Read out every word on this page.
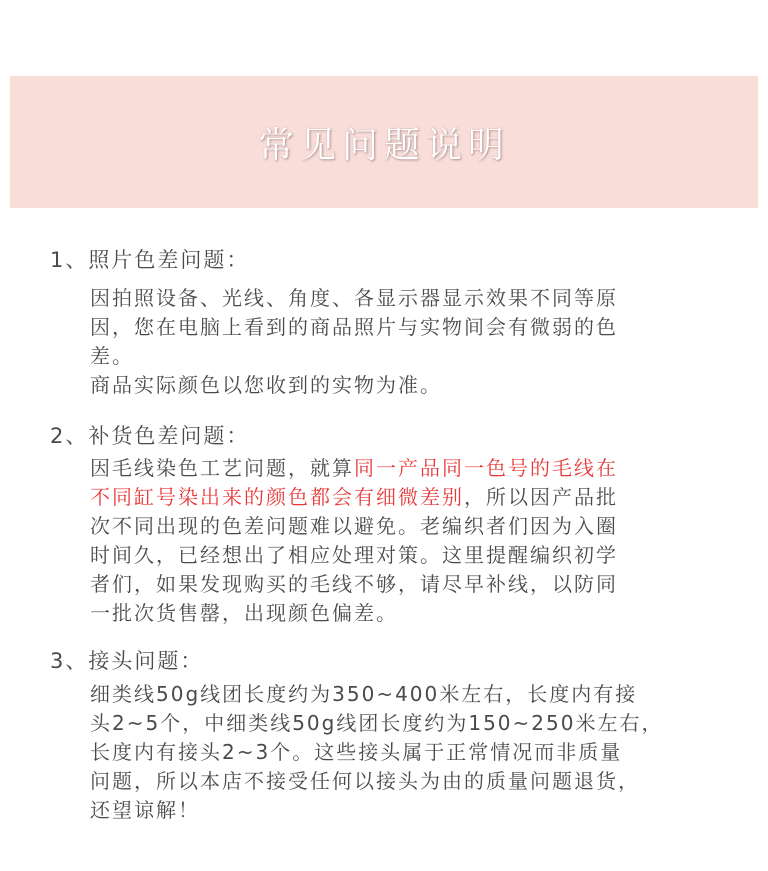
常见问题说明
1、照片色差问题：
因拍照设备、光线、角度、各显示器显示效果不同等原
因，您在电脑上看到的商品照片与实物间会有微弱的色
差。
商品实际颜色以您收到的实物为准。
2、补货色差问题：
因毛线染色工艺问题，就算同一产品同一色号的毛线在
不同缸号染出来的颜色都会有细微差别，所以因产品批
次不同出现的色差问题难以避免。老编织者们因为入圈
时间久，已经想出了相应处理对策。这里提醒编织初学
者们，如果发现购买的毛线不够，请尽早补线，以防同
一批次货售罄，出现颜色偏差。
3、接头问题：
细类线50g线团长度约为350~400米左右，长度内有接
头2~5个，中细类线50g线团长度约为150~250米左右，
长度内有接头2~3个。这些接头属于正常情况而非质量
问题，所以本店不接受任何以接头为由的质量问题退货，
还望谅解！
